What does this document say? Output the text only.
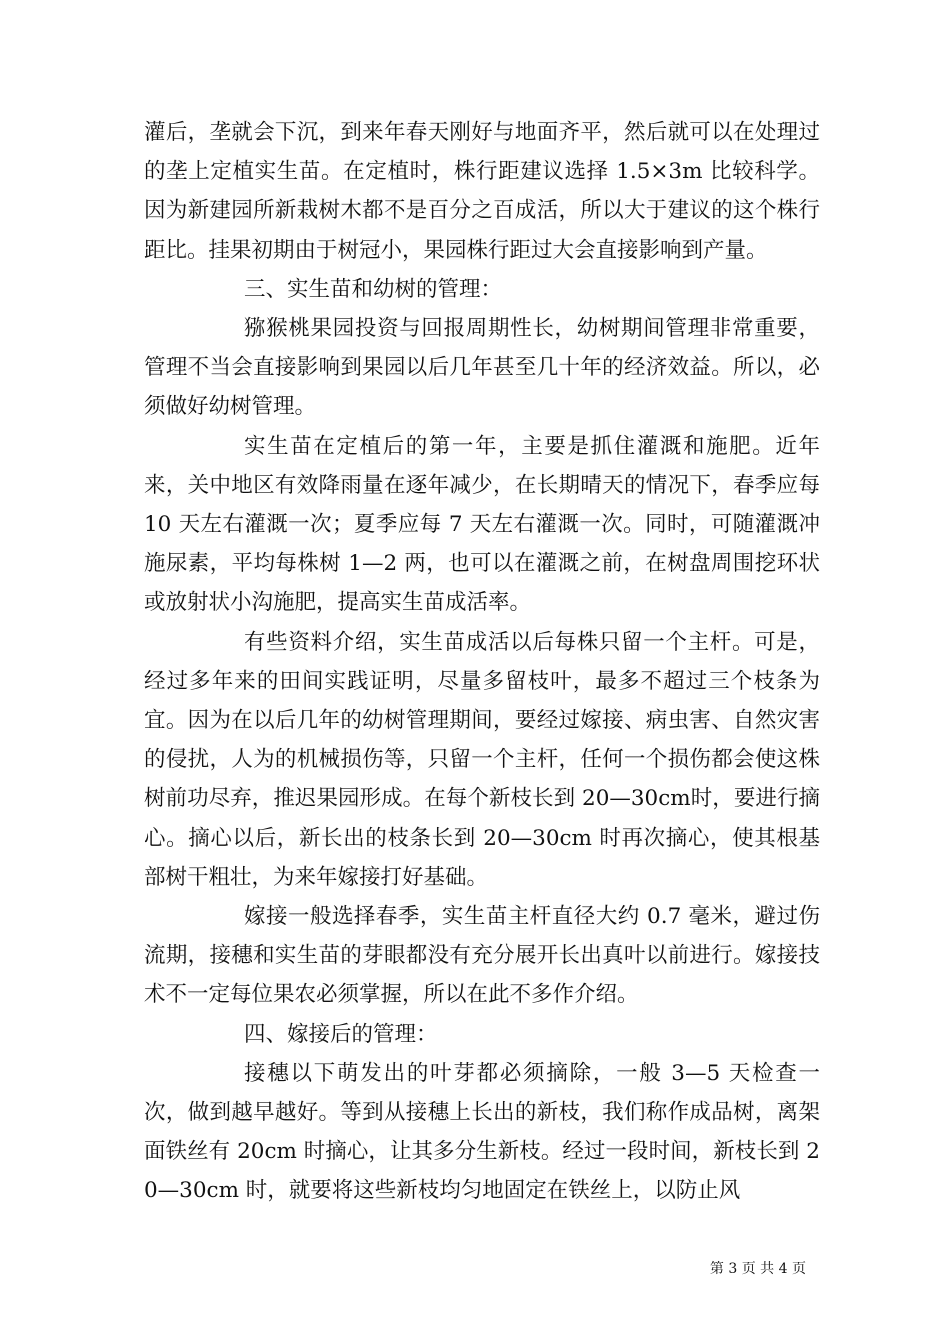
灌后，垄就会下沉，到来年春天刚好与地面齐平，然后就可以在处理过的垄上定植实生苗。在定植时，株行距建议选择 1.5×3m 比较科学。因为新建园所新栽树木都不是百分之百成活，所以大于建议的这个株行距比。挂果初期由于树冠小，果园株行距过大会直接影响到产量。

三、实生苗和幼树的管理：

猕猴桃果园投资与回报周期性长，幼树期间管理非常重要，管理不当会直接影响到果园以后几年甚至几十年的经济效益。所以，必须做好幼树管理。

实生苗在定植后的第一年，主要是抓住灌溉和施肥。近年来，关中地区有效降雨量在逐年减少，在长期晴天的情况下，春季应每 10 天左右灌溉一次；夏季应每 7 天左右灌溉一次。同时，可随灌溉冲施尿素，平均每株树 1—2 两，也可以在灌溉之前，在树盘周围挖环状或放射状小沟施肥，提高实生苗成活率。

有些资料介绍，实生苗成活以后每株只留一个主杆。可是，经过多年来的田间实践证明，尽量多留枝叶，最多不超过三个枝条为宜。因为在以后几年的幼树管理期间，要经过嫁接、病虫害、自然灾害的侵扰，人为的机械损伤等，只留一个主杆，任何一个损伤都会使这株树前功尽弃，推迟果园形成。在每个新枝长到 20—30cm时，要进行摘心。摘心以后，新长出的枝条长到 20—30cm 时再次摘心，使其根基部树干粗壮，为来年嫁接打好基础。

嫁接一般选择春季，实生苗主杆直径大约 0.7 毫米，避过伤流期，接穗和实生苗的芽眼都没有充分展开长出真叶以前进行。嫁接技术不一定每位果农必须掌握，所以在此不多作介绍。

四、嫁接后的管理：

接穗以下萌发出的叶芽都必须摘除，一般 3—5 天检查一次，做到越早越好。等到从接穗上长出的新枝，我们称作成品树，离架面铁丝有 20cm 时摘心，让其多分生新枝。经过一段时间，新枝长到 20—30cm 时，就要将这些新枝均匀地固定在铁丝上，以防止风

第 3 页 共 4 页
